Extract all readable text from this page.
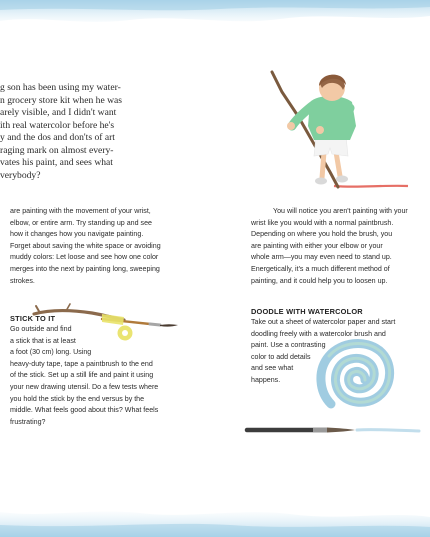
g son has been using my water-
n grocery store kit when he was
arely visible, and I didn't want
ith real watercolor before he's
y and the dos and don'ts of art
raging mark on almost every-
vates his paint, and sees what
verybody?
are painting with the movement of your wrist,
elbow, or entire arm. Try standing up and see
how it changes how you navigate painting.
Forget about saving the white space or avoiding
muddy colors: Let loose and see how one color
merges into the next by painting long, sweeping
strokes.
You will notice you aren't painting with your
wrist like you would with a normal paintbrush.
Depending on where you hold the brush, you
are painting with either your elbow or your
whole arm—you may even need to stand up.
Energetically, it's a much different method of
painting, and it could help you to loosen up.
STICK TO IT
Go outside and find
a stick that is at least
a foot (30 cm) long. Using
heavy-duty tape, tape a paintbrush to the end
of the stick. Set up a still life and paint it using
your new drawing utensil. Do a few tests where
you hold the stick by the end versus by the
middle. What feels good about this? What feels
frustrating?
DOODLE WITH WATERCOLOR
Take out a sheet of watercolor paper and start
doodling freely with a watercolor brush and
paint. Use a contrasting
color to add details
and see what
happens.
